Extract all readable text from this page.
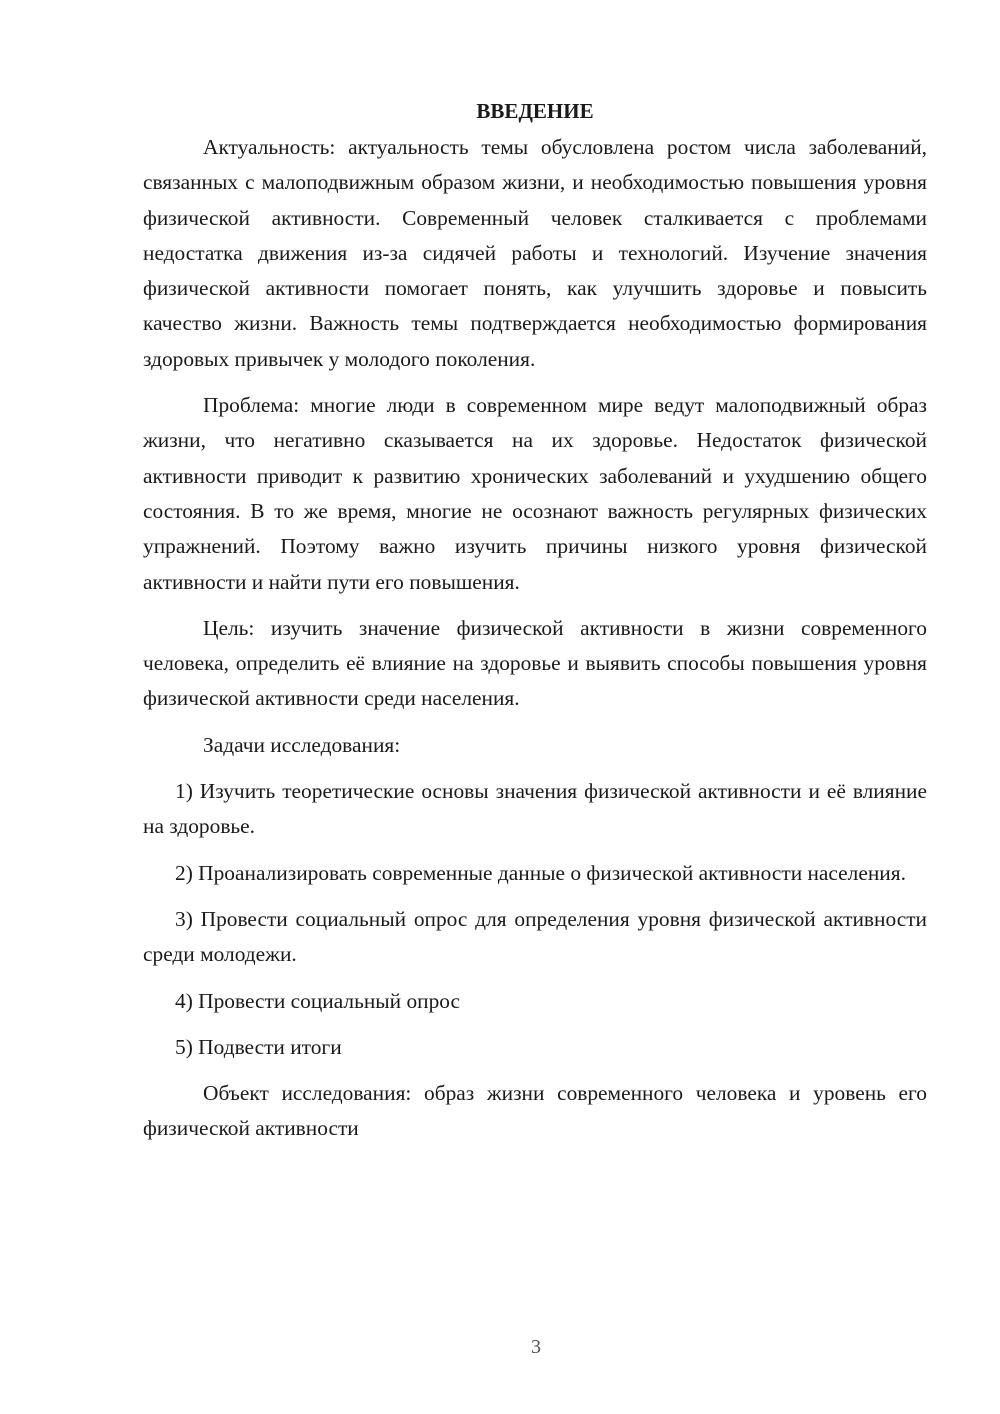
ВВЕДЕНИЕ

Актуальность: актуальность темы обусловлена ростом числа заболеваний, связанных с малоподвижным образом жизни, и необходимостью повышения уровня физической активности. Современный человек сталкивается с проблемами недостатка движения из-за сидячей работы и технологий. Изучение значения физической активности помогает понять, как улучшить здоровье и повысить качество жизни. Важность темы подтверждается необходимостью формирования здоровых привычек у молодого поколения.

Проблема: многие люди в современном мире ведут малоподвижный образ жизни, что негативно сказывается на их здоровье. Недостаток физической активности приводит к развитию хронических заболеваний и ухудшению общего состояния. В то же время, многие не осознают важность регулярных физических упражнений. Поэтому важно изучить причины низкого уровня физической активности и найти пути его повышения.

Цель: изучить значение физической активности в жизни современного человека, определить её влияние на здоровье и выявить способы повышения уровня физической активности среди населения.

Задачи исследования:

1) Изучить теоретические основы значения физической активности и её влияние на здоровье.

2) Проанализировать современные данные о физической активности населения.

3) Провести социальный опрос для определения уровня физической активности среди молодежи.

4) Провести социальный опрос

5) Подвести итоги

Объект исследования: образ жизни современного человека и уровень его физической активности

3
